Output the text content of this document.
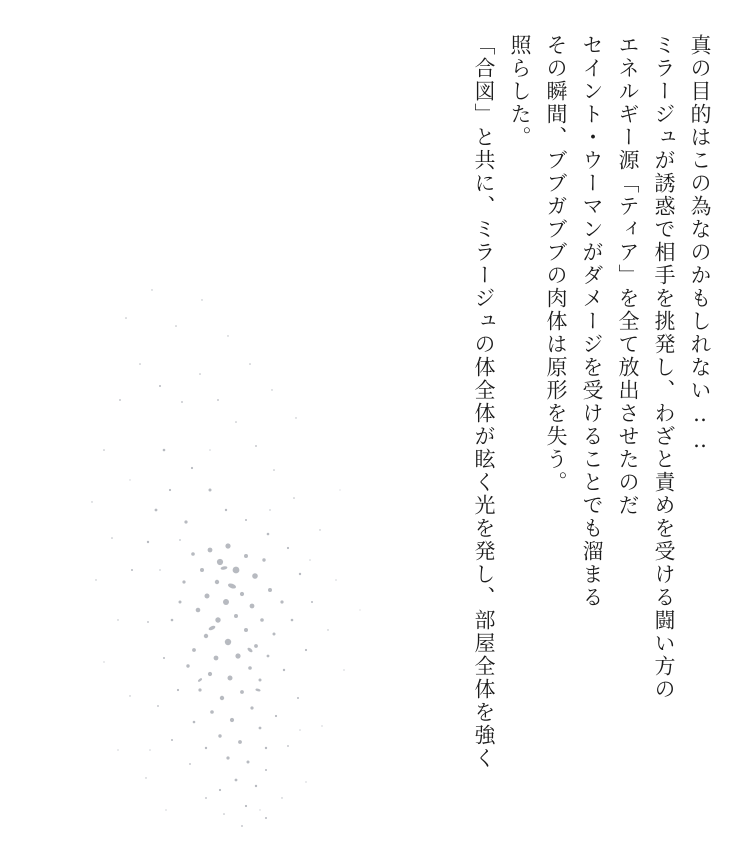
「合図」と共に、ミラージュの体全体が眩く光を発し、部屋全体を強く 照らした。 その瞬間、ブブガブブの肉体は原形を失う。 セイント・ウーマンがダメージを受けることでも溜まる エネルギー源「ティア」を全て放出させたのだ ミラージュが誘惑で相手を挑発し、わざと責めを受ける闘い方の 真の目的はこの為なのかもしれない‥‥
